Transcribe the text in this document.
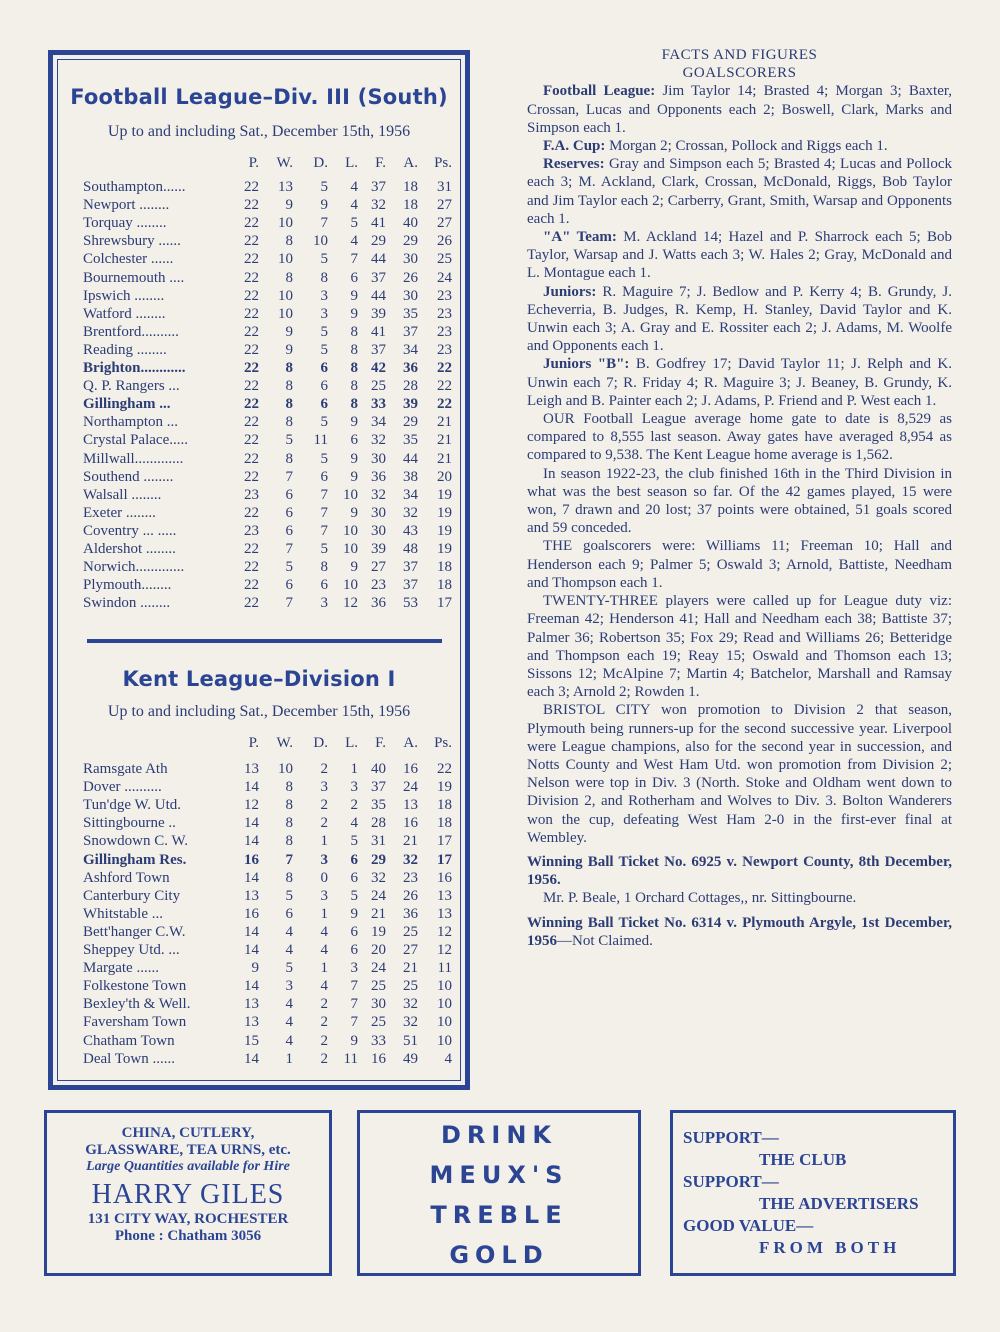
Football League–Div. III (South)
Up to and including Sat., December 15th, 1956
P.	W.	D.	L.	F.	A. Ps.
Southampton......	22	13	5	4 37	18	31
Newport ........	22	9	9	4 32	18	27
Torquay ........	22	10	7	5 41	40	27
Shrewsbury ......	22	8	10	4 29	29	26
Colchester ......	22	10	5	7 44	30	25
Bournemouth ....	22	8	8	6 37	26	24
Ipswich ........	22	10	3	9 44	30	23
Watford ........	22	10	3	9 39	35	23
Brentford..........	22	9	5	8 41	37	23
Reading ........	22	9	5	8 37	34	23
Brighton............	22	8	6	8 42	36	22
Q. P. Rangers ...	22	8	6	8 25	28	22
Gillingham ...	22	8	6	8 33	39	22
Northampton ...	22	8	5	9 34	29	21
Crystal Palace.....	22	5	11	6 32	35	21
Millwall.............	22	8	5	9 30	44	21
Southend ........	22	7	6	9 36	38	20
Walsall ........	23	6	7	10 32	34	19
Exeter ........	22	6	7	9 30	32	19
Coventry ... .....	23	6	7	10 30	43	19
Aldershot ........	22	7	5	10 39	48	19
Norwich.............	22	5	8	9 27	37	18
Plymouth........	22	6	6	10 23	37	18
Swindon ........	22	7	3	12 36	53	17
Kent League–Division I
Up to and including Sat., December 15th, 1956
P.	W.	D.	L.	F.	A. Ps.
Ramsgate Ath	13	10	2	1 40	16	22
Dover ..........	14	8	3	3 37	24	19
Tun'dge W. Utd.	12	8	2	2 35	13	18
Sittingbourne ..	14	8	2	4 28	16	18
Snowdown C. W.	14	8	1	5 31	21	17
Gillingham Res.	16	7	3	6 29	32	17
Ashford Town	14	8	0	6 32	23	16
Canterbury City	13	5	3	5 24	26	13
Whitstable ...	16	6	1	9 21	36	13
Bett'hanger C.W.	14	4	4	6 19	25	12
Sheppey Utd. ...	14	4	4	6 20	27	12
Margate ......	9	5	1	3 24	21	11
Folkestone Town	14	3	4	7 25	25	10
Bexley'th & Well.	13	4	2	7 30	32	10
Faversham Town	13	4	2	7 25	32	10
Chatham Town	15	4	2	9 33	51	10
Deal Town ......	14	1	2	11 16	49	4

FACTS AND FIGURES

GOALSCORERS

Football League: Jim Taylor 14; Brasted 4; Morgan 3; Baxter, Crossan, Lucas and Opponents each 2; Boswell, Clark, Marks and Simpson each 1.

F.A. Cup: Morgan 2; Crossan, Pollock and Riggs each 1.

Reserves: Gray and Simpson each 5; Brasted 4; Lucas and Pollock each 3; M. Ackland, Clark, Crossan, McDonald, Riggs, Bob Taylor and Jim Taylor each 2; Carberry, Grant, Smith, Warsap and Opponents each 1.

"A" Team: M. Ackland 14; Hazel and P. Sharrock each 5; Bob Taylor, Warsap and J. Watts each 3; W. Hales 2; Gray, McDonald and L. Montague each 1.

Juniors: R. Maguire 7; J. Bedlow and P. Kerry 4; B. Grundy, J. Echeverria, B. Judges, R. Kemp, H. Stanley, David Taylor and K. Unwin each 3; A. Gray and E. Rossiter each 2; J. Adams, M. Woolfe and Opponents each 1.

Juniors "B": B. Godfrey 17; David Taylor 11; J. Relph and K. Unwin each 7; R. Friday 4; R. Maguire 3; J. Beaney, B. Grundy, K. Leigh and B. Painter each 2; J. Adams, P. Friend and P. West each 1.

OUR Football League average home gate to date is 8,529 as compared to 8,555 last season. Away gates have averaged 8,954 as compared to 9,538. The Kent League home average is 1,562.

In season 1922-23, the club finished 16th in the Third Division in what was the best season so far. Of the 42 games played, 15 were won, 7 drawn and 20 lost; 37 points were obtained, 51 goals scored and 59 conceded.

THE goalscorers were: Williams 11; Freeman 10; Hall and Henderson each 9; Palmer 5; Oswald 3; Arnold, Battiste, Needham and Thompson each 1.

TWENTY-THREE players were called up for League duty viz: Freeman 42; Henderson 41; Hall and Needham each 38; Battiste 37; Palmer 36; Robertson 35; Fox 29; Read and Williams 26; Betteridge and Thompson each 19; Reay 15; Oswald and Thomson each 13; Sissons 12; McAlpine 7; Martin 4; Batchelor, Marshall and Ramsay each 3; Arnold 2; Rowden 1.

BRISTOL CITY won promotion to Division 2 that season, Plymouth being runners-up for the second successive year. Liverpool were League champions, also for the second year in succession, and Notts County and West Ham Utd. won promotion from Division 2; Nelson were top in Div. 3 (North. Stoke and Oldham went down to Division 2, and Rotherham and Wolves to Div. 3. Bolton Wanderers won the cup, defeating West Ham 2-0 in the first-ever final at Wembley.

Winning Ball Ticket No. 6925 v. Newport County, 8th December, 1956.

Mr. P. Beale, 1 Orchard Cottages,, nr. Sittingbourne.

Winning Ball Ticket No. 6314 v. Plymouth Argyle, 1st December, 1956—Not Claimed.

CHINA, CUTLERY,
GLASSWARE, TEA URNS, etc.
Large Quantities available for Hire
HARRY GILES
131 CITY WAY, ROCHESTER
Phone : Chatham 3056
DRINK
MEUX'S
TREBLE
GOLD
SUPPORT—
THE CLUB
SUPPORT—
THE ADVERTISERS
GOOD VALUE—
FROM BOTH
